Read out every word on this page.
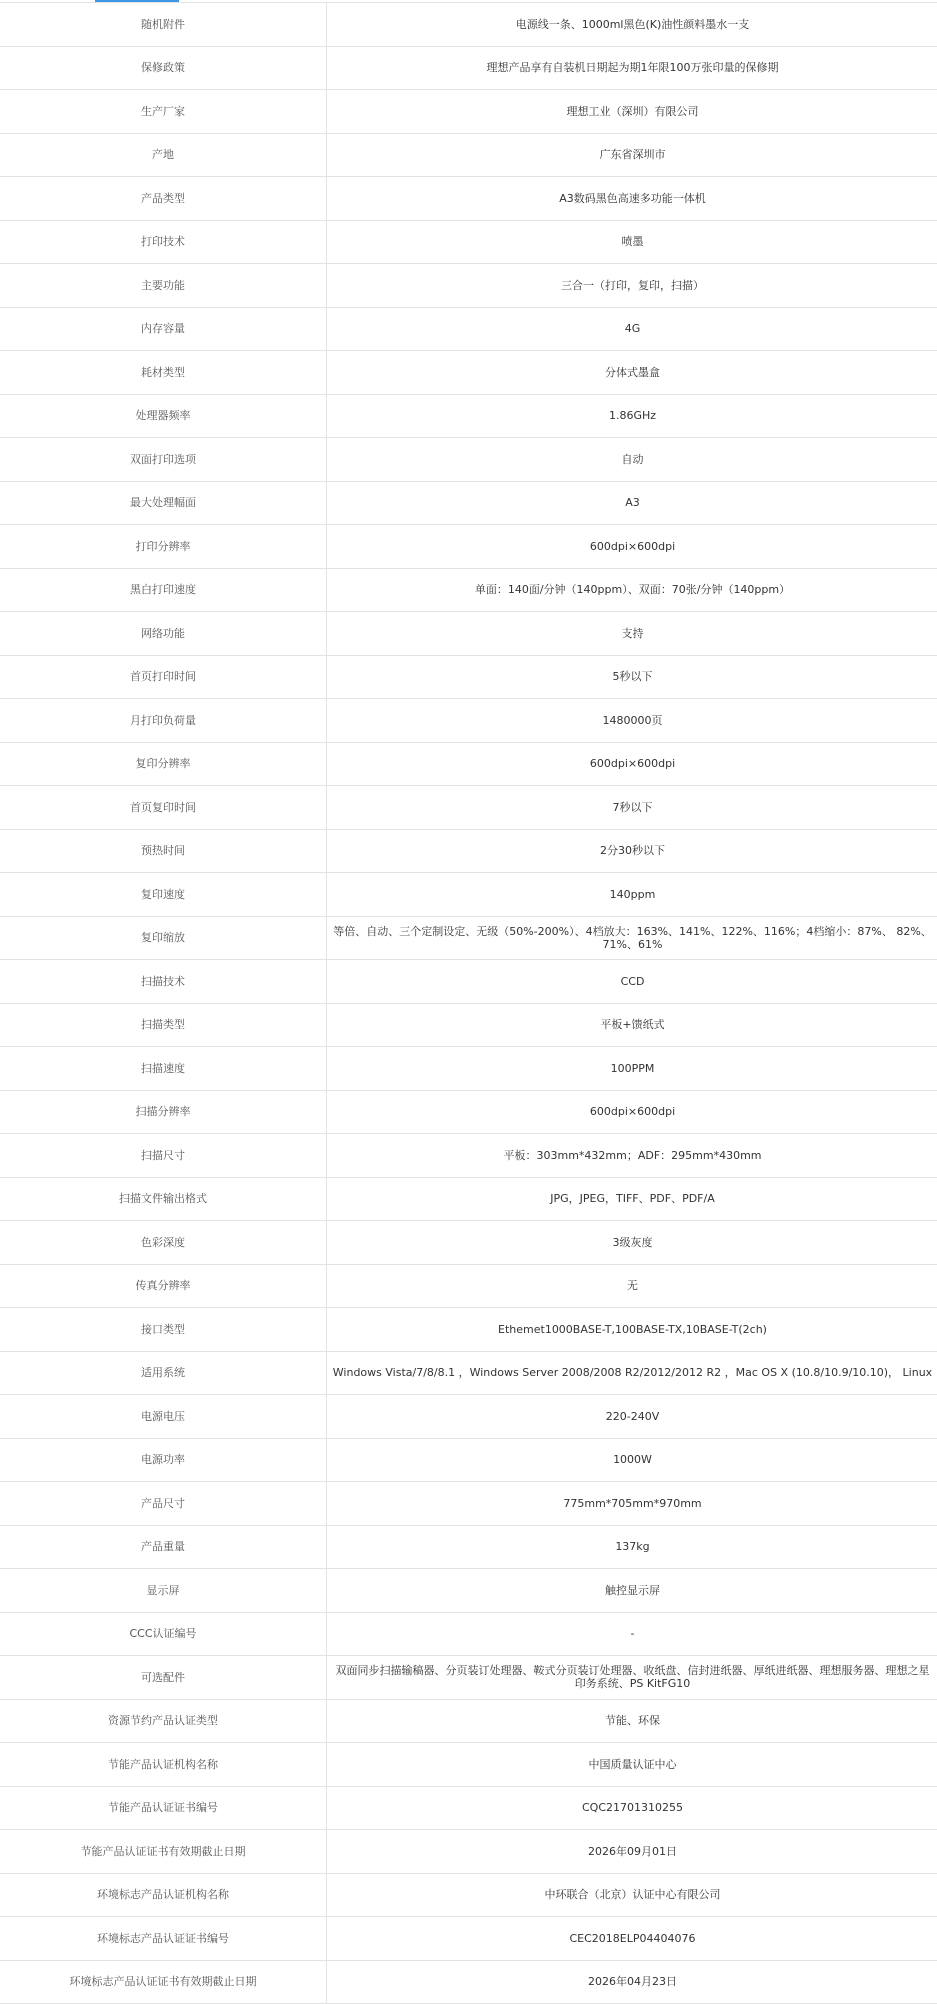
随机附件	电源线一条、1000ml黑色(K)油性颜料墨水一支
保修政策	理想产品享有自装机日期起为期1年限100万张印量的保修期
生产厂家	理想工业（深圳）有限公司
产地	广东省深圳市
产品类型	A3数码黑色高速多功能一体机
打印技术	喷墨
主要功能	三合一（打印，复印，扫描）
内存容量	4G
耗材类型	分体式墨盒
处理器频率	1.86GHz
双面打印选项	自动
最大处理幅面	A3
打印分辨率	600dpi×600dpi
黑白打印速度	单面：140面/分钟（140ppm）、双面：70张/分钟（140ppm）
网络功能	支持
首页打印时间	5秒以下
月打印负荷量	1480000页
复印分辨率	600dpi×600dpi
首页复印时间	7秒以下
预热时间	2分30秒以下
复印速度	140ppm
复印缩放	等倍、自动、三个定制设定、无级（50%-200%）、4档放大：163%、141%、122%、116%；4档缩小：87%、 82%、71%、61%
扫描技术	CCD
扫描类型	平板+馈纸式
扫描速度	100PPM
扫描分辨率	600dpi×600dpi
扫描尺寸	平板：303mm*432mm；ADF：295mm*430mm
扫描文件输出格式	JPG，JPEG，TIFF、PDF、PDF/A
色彩深度	3级灰度
传真分辨率	无
接口类型	Ethemet1000BASE-T,100BASE-TX,10BASE-T(2ch)
适用系统	Windows Vista/7/8/8.1 ，Windows Server 2008/2008 R2/2012/2012 R2 ，Mac OS X (10.8/10.9/10.10)， Linux
电源电压	220-240V
电源功率	1000W
产品尺寸	775mm*705mm*970mm
产品重量	137kg
显示屏	触控显示屏
CCC认证编号	-
可选配件	双面同步扫描输稿器、分页装订处理器、鞍式分页装订处理器、收纸盘、信封进纸器、厚纸进纸器、理想服务器、理想之星印务系统、PS KitFG10
资源节约产品认证类型	节能、环保
节能产品认证机构名称	中国质量认证中心
节能产品认证证书编号	CQC21701310255
节能产品认证证书有效期截止日期	2026年09月01日
环境标志产品认证机构名称	中环联合（北京）认证中心有限公司
环境标志产品认证证书编号	CEC2018ELP04404076
环境标志产品认证证书有效期截止日期	2026年04月23日
